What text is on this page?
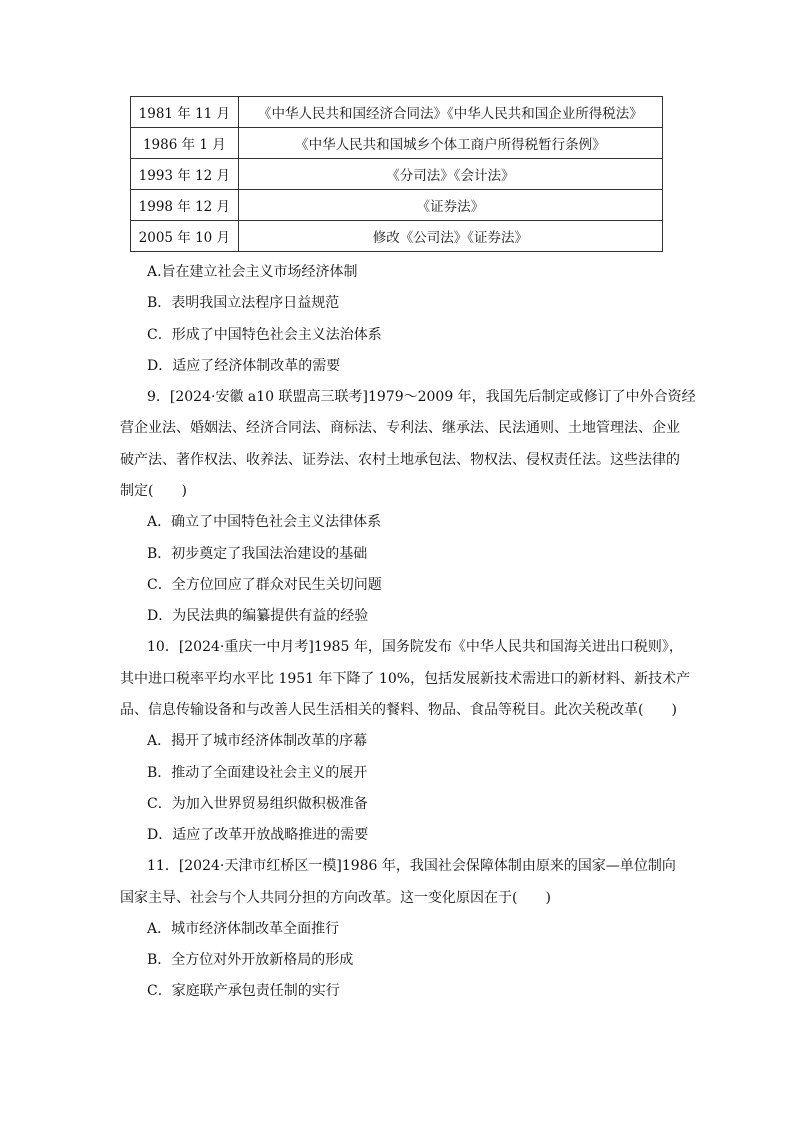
1981 年 11 月	《中华人民共和国经济合同法》《中华人民共和国企业所得税法》
1986 年 1 月	《中华人民共和国城乡个体工商户所得税暂行条例》
1993 年 12 月	《分司法》《会计法》
1998 年 12 月	《证券法》
2005 年 10 月	修改《公司法》《证券法》
A.旨在建立社会主义市场经济体制
B．表明我国立法程序日益规范
C．形成了中国特色社会主义法治体系
D．适应了经济体制改革的需要
9．[2024·安徽 a10 联盟高三联考]1979～2009 年，我国先后制定或修订了中外合资经
营企业法、婚姻法、经济合同法、商标法、专利法、继承法、民法通则、土地管理法、企业
破产法、著作权法、收养法、证券法、农村土地承包法、物权法、侵权责任法。这些法律的
制定(　　)
A．确立了中国特色社会主义法律体系
B．初步奠定了我国法治建设的基础
C．全方位回应了群众对民生关切问题
D．为民法典的编纂提供有益的经验
10．[2024·重庆一中月考]1985 年，国务院发布《中华人民共和国海关进出口税则》，
其中进口税率平均水平比 1951 年下降了 10%，包括发展新技术需进口的新材料、新技术产
品、信息传输设备和与改善人民生活相关的餐料、物品、食品等税目。此次关税改革(　　)
A．揭开了城市经济体制改革的序幕
B．推动了全面建设社会主义的展开
C．为加入世界贸易组织做积极准备
D．适应了改革开放战略推进的需要
11．[2024·天津市红桥区一模]1986 年，我国社会保障体制由原来的国家—单位制向
国家主导、社会与个人共同分担的方向改革。这一变化原因在于(　　)
A．城市经济体制改革全面推行
B．全方位对外开放新格局的形成
C．家庭联产承包责任制的实行
